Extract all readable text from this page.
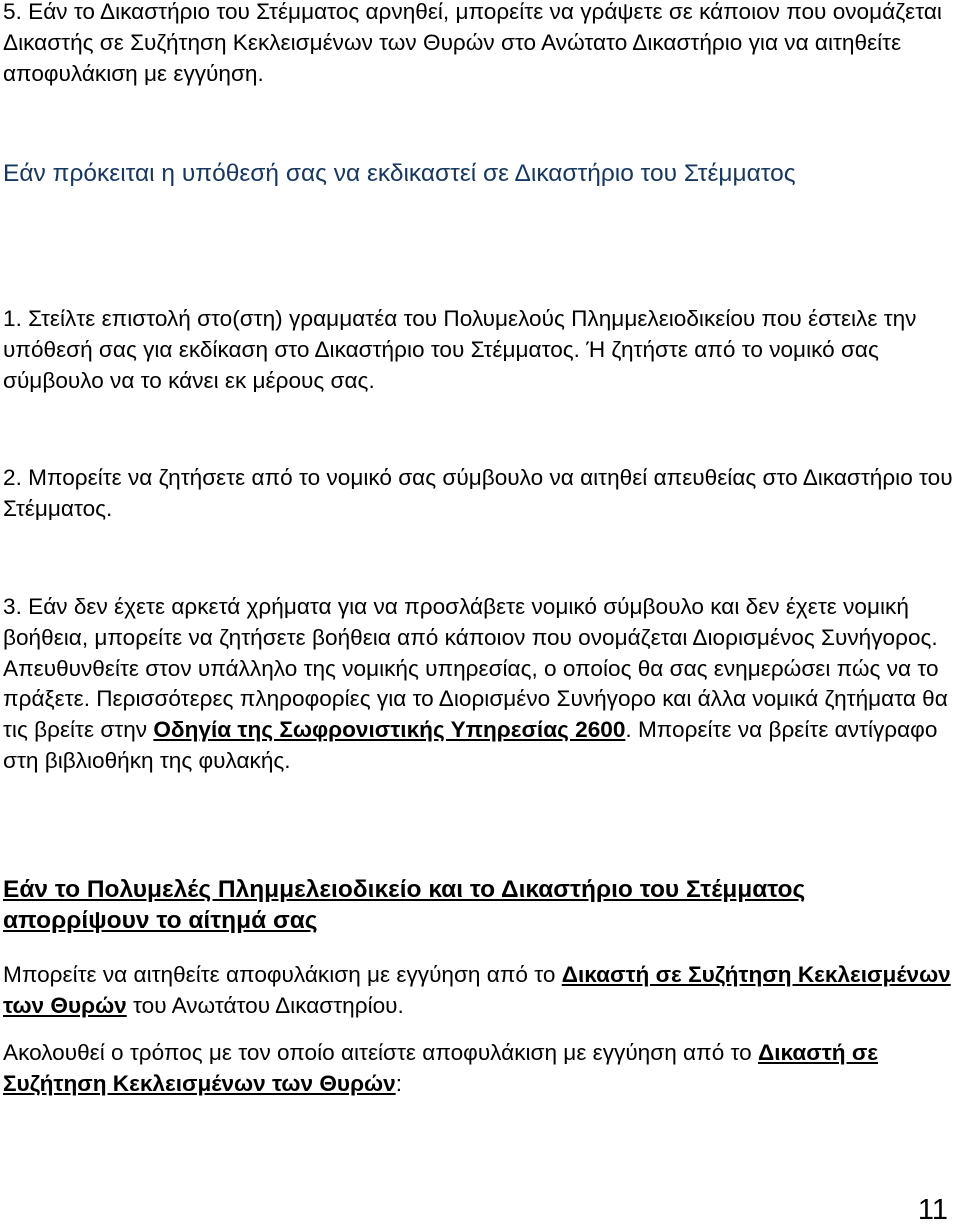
5. Εάν το Δικαστήριο του Στέμματος αρνηθεί, μπορείτε να γράψετε σε κάποιον που ονομάζεται Δικαστής σε Συζήτηση Κεκλεισμένων των Θυρών στο Ανώτατο Δικαστήριο για να αιτηθείτε αποφυλάκιση με εγγύηση.

Εάν πρόκειται η υπόθεσή σας να εκδικαστεί σε Δικαστήριο του Στέμματος

1. Στείλτε επιστολή στο(στη) γραμματέα του Πολυμελούς Πλημμελειοδικείου που έστειλε την υπόθεσή σας για εκδίκαση στο Δικαστήριο του Στέμματος. Ή ζητήστε από το νομικό σας σύμβουλο να το κάνει εκ μέρους σας.

2. Μπορείτε να ζητήσετε από το νομικό σας σύμβουλο να αιτηθεί απευθείας στο Δικαστήριο του Στέμματος.

3. Εάν δεν έχετε αρκετά χρήματα για να προσλάβετε νομικό σύμβουλο και δεν έχετε νομική βοήθεια, μπορείτε να ζητήσετε βοήθεια από κάποιον που ονομάζεται Διορισμένος Συνήγορος. Απευθυνθείτε στον υπάλληλο της νομικής υπηρεσίας, ο οποίος θα σας ενημερώσει πώς να το πράξετε. Περισσότερες πληροφορίες για το Διορισμένο Συνήγορο και άλλα νομικά ζητήματα θα τις βρείτε στην Οδηγία της Σωφρονιστικής Υπηρεσίας 2600. Μπορείτε να βρείτε αντίγραφο στη βιβλιοθήκη της φυλακής.

Εάν το Πολυμελές Πλημμελειοδικείο και το Δικαστήριο του Στέμματος απορρίψουν το αίτημά σας

Μπορείτε να αιτηθείτε αποφυλάκιση με εγγύηση από το Δικαστή σε Συζήτηση Κεκλεισμένων των Θυρών του Ανωτάτου Δικαστηρίου.

Ακολουθεί ο τρόπος με τον οποίο αιτείστε αποφυλάκιση με εγγύηση από το Δικαστή σε Συζήτηση Κεκλεισμένων των Θυρών:

11
